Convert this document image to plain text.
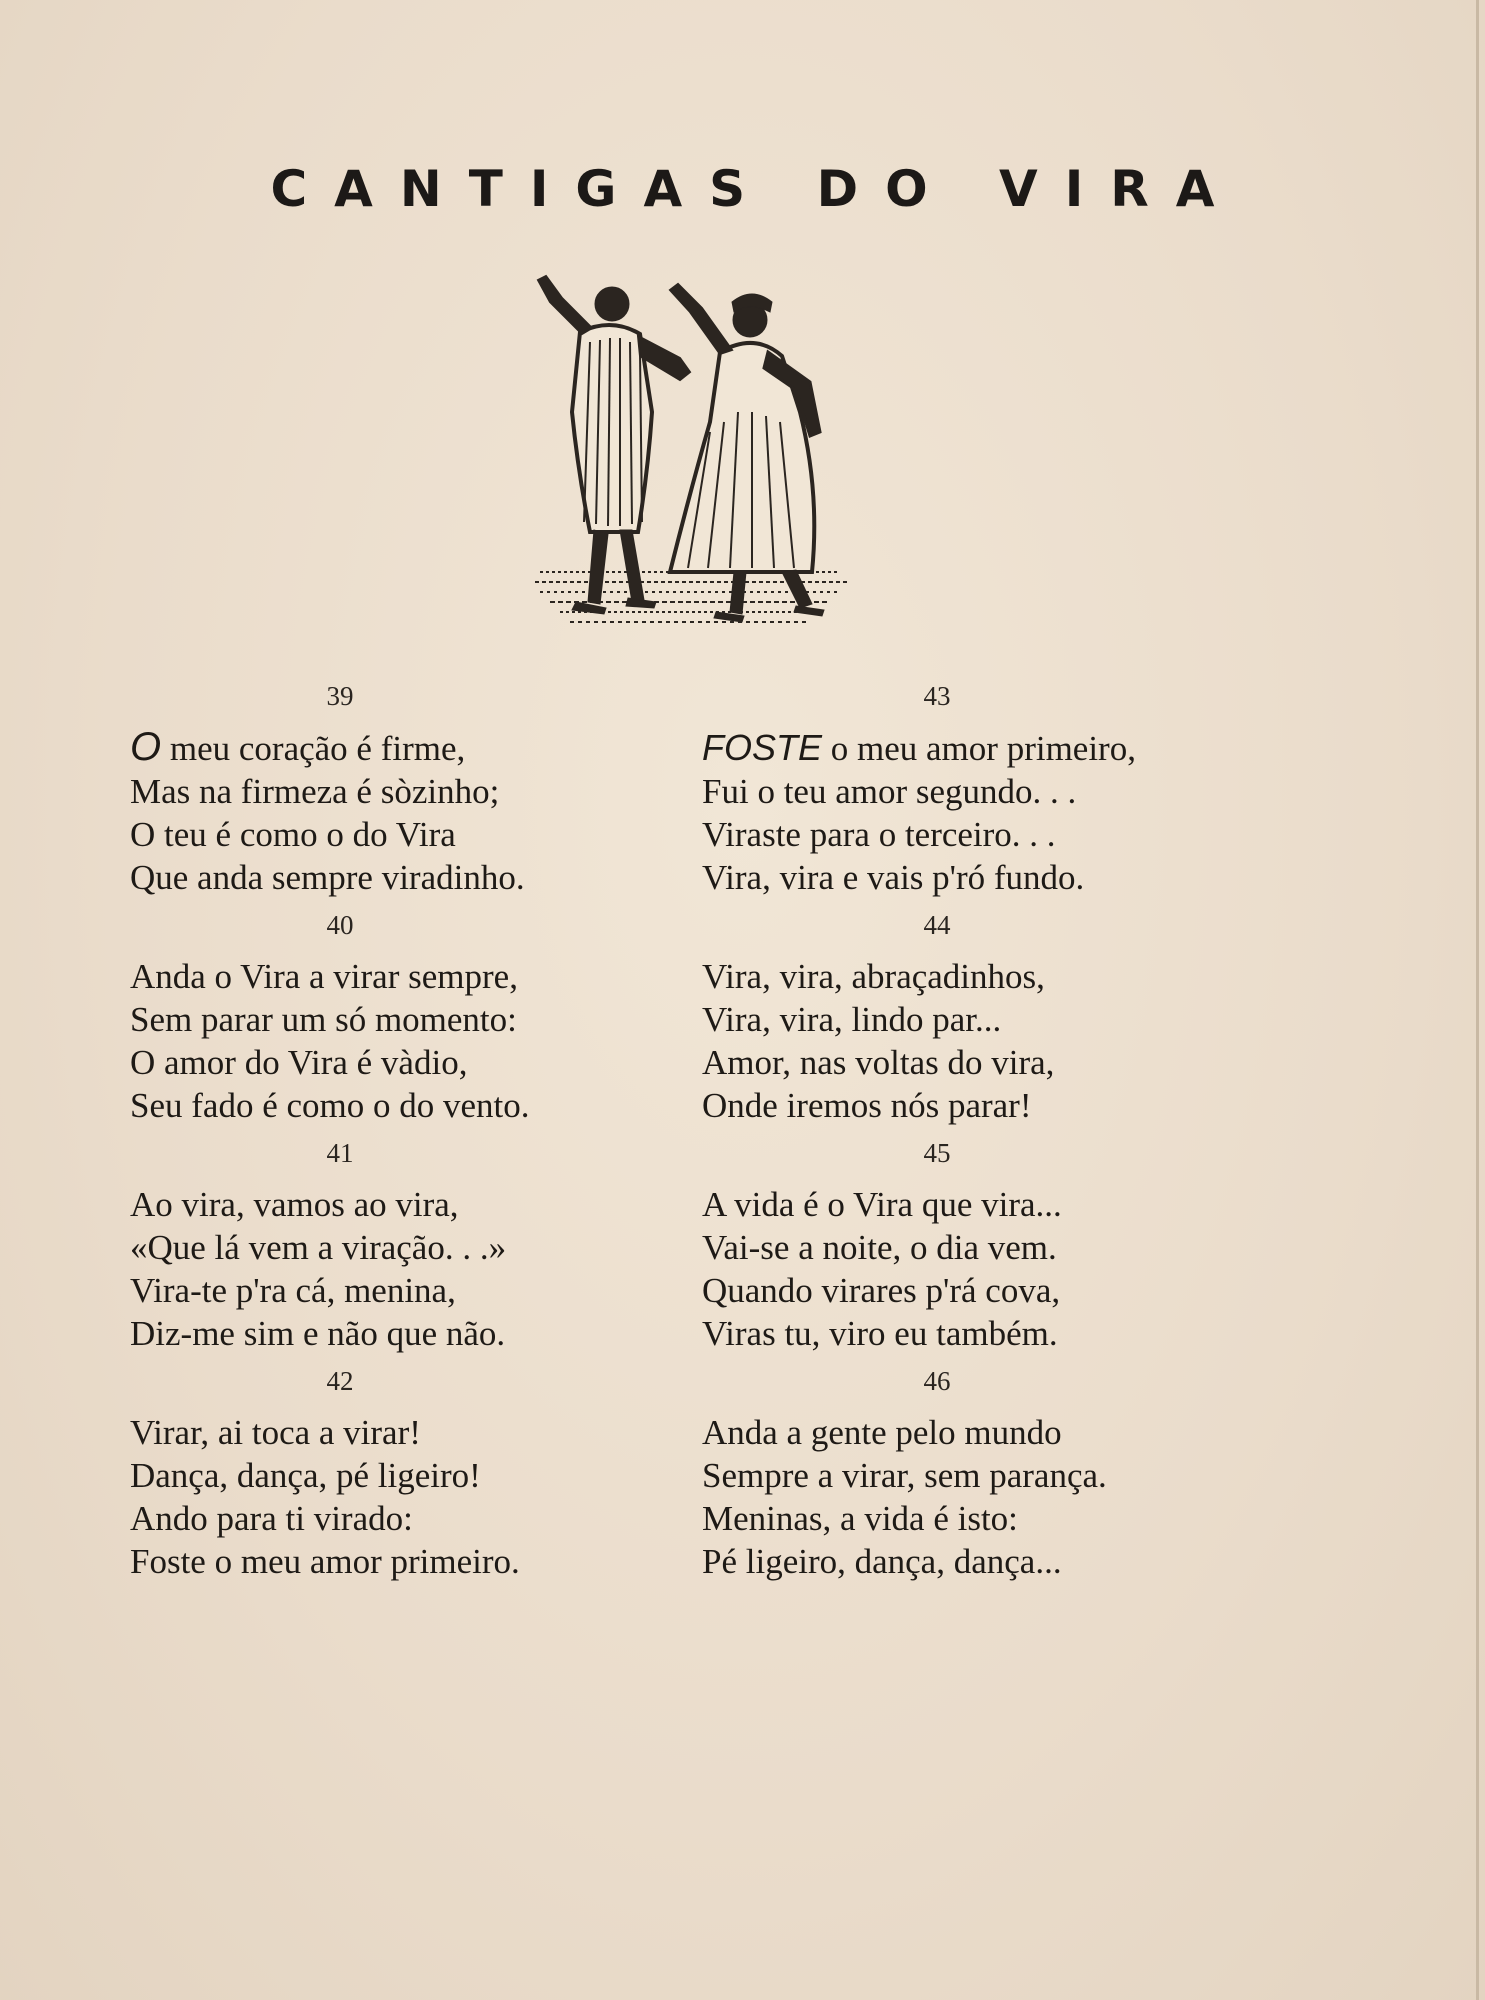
CANTIGAS DO VIRA
39
O meu coração é firme,
Mas na firmeza é sòzinho;
O teu é como o do Vira
Que anda sempre viradinho.
40
Anda o Vira a virar sempre,
Sem parar um só momento:
O amor do Vira é vàdio,
Seu fado é como o do vento.
41
Ao vira, vamos ao vira,
«Que lá vem a viração. . .»
Vira-te p'ra cá, menina,
Diz-me sim e não que não.
42
Virar, ai toca a virar!
Dança, dança, pé ligeiro!
Ando para ti virado:
Foste o meu amor primeiro.
43
FOSTE o meu amor primeiro,
Fui o teu amor segundo. . .
Viraste para o terceiro. . .
Vira, vira e vais p'ró fundo.
44
Vira, vira, abraçadinhos,
Vira, vira, lindo par...
Amor, nas voltas do vira,
Onde iremos nós parar!
45
A vida é o Vira que vira...
Vai-se a noite, o dia vem.
Quando virares p'rá cova,
Viras tu, viro eu também.
46
Anda a gente pelo mundo
Sempre a virar, sem parança.
Meninas, a vida é isto:
Pé ligeiro, dança, dança...
